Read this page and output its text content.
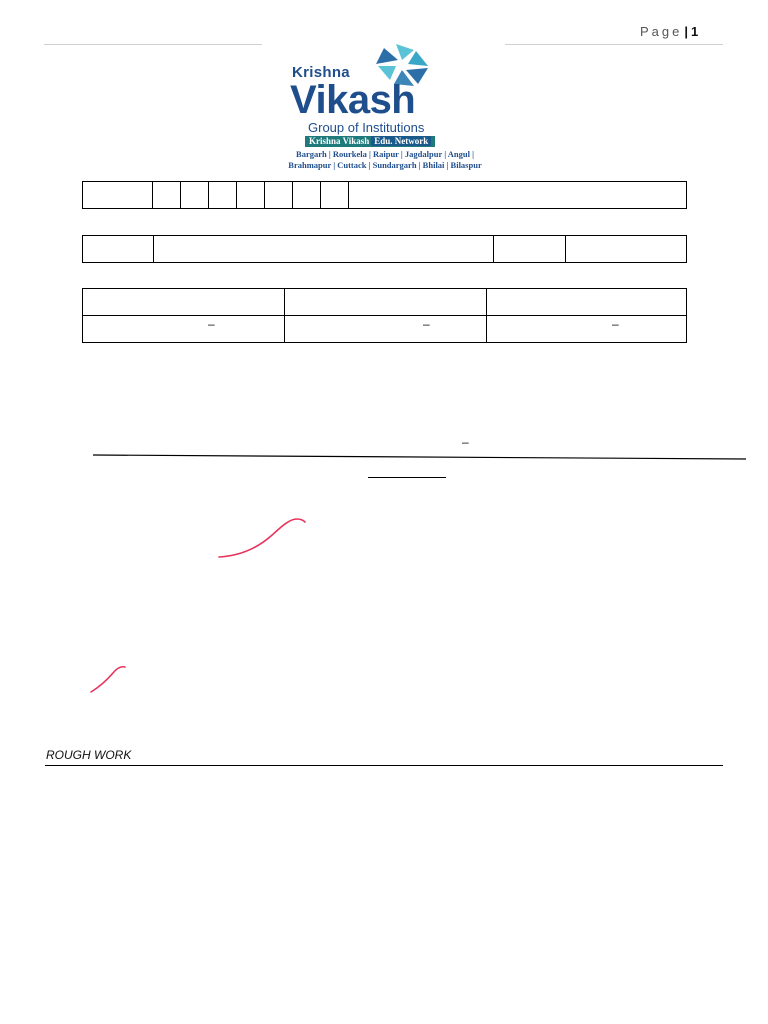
Page | 1
Krishna
Vikash
Group of Institutions
Krishna Vikash Edu. Network
Bargarh | Rourkela | Raipur | Jagdalpur | Angul |
Brahmapur | Cuttack | Sundargarh | Bhilai | Bilaspur

–	–	–
–
ROUGH WORK
